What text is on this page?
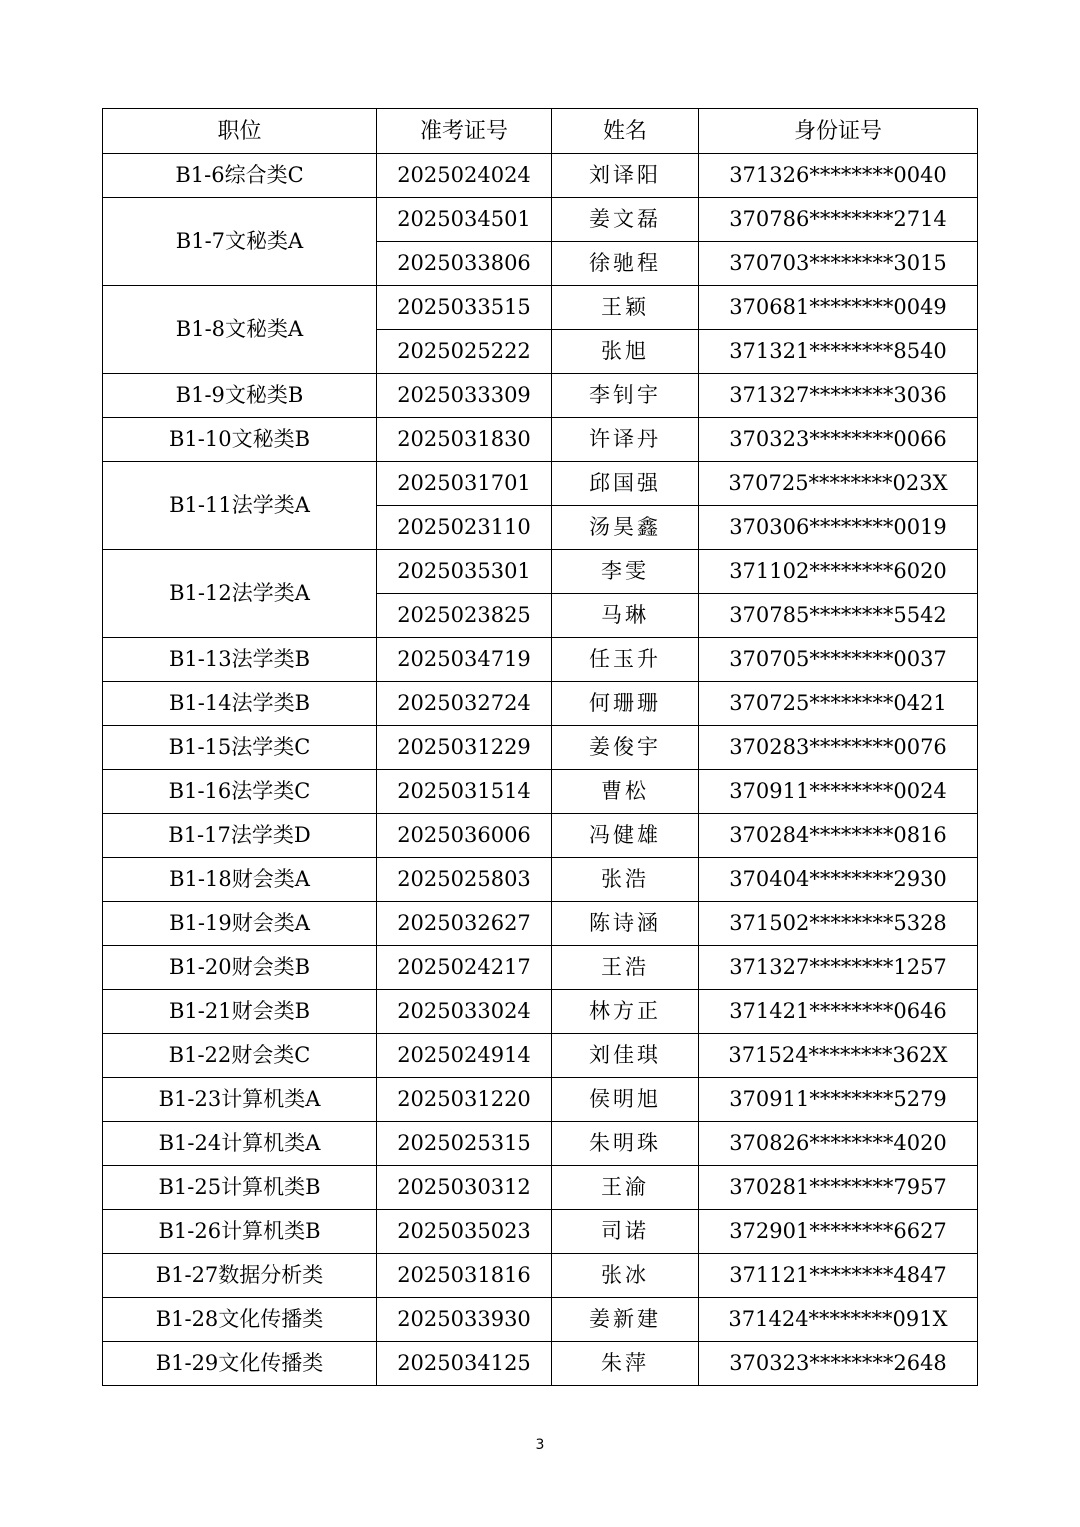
职位	准考证号	姓名	身份证号
B1-6综合类C	2025024024	刘译阳	371326********0040
B1-7文秘类A	2025034501	姜文磊	370786********2714
	2025033806	徐驰程	370703********3015
B1-8文秘类A	2025033515	王颖	370681********0049
	2025025222	张旭	371321********8540
B1-9文秘类B	2025033309	李钊宇	371327********3036
B1-10文秘类B	2025031830	许译丹	370323********0066
B1-11法学类A	2025031701	邱国强	370725********023X
	2025023110	汤昊鑫	370306********0019
B1-12法学类A	2025035301	李雯	371102********6020
	2025023825	马琳	370785********5542
B1-13法学类B	2025034719	任玉升	370705********0037
B1-14法学类B	2025032724	何珊珊	370725********0421
B1-15法学类C	2025031229	姜俊宇	370283********0076
B1-16法学类C	2025031514	曹松	370911********0024
B1-17法学类D	2025036006	冯健雄	370284********0816
B1-18财会类A	2025025803	张浩	370404********2930
B1-19财会类A	2025032627	陈诗涵	371502********5328
B1-20财会类B	2025024217	王浩	371327********1257
B1-21财会类B	2025033024	林方正	371421********0646
B1-22财会类C	2025024914	刘佳琪	371524********362X
B1-23计算机类A	2025031220	侯明旭	370911********5279
B1-24计算机类A	2025025315	朱明珠	370826********4020
B1-25计算机类B	2025030312	王渝	370281********7957
B1-26计算机类B	2025035023	司诺	372901********6627
B1-27数据分析类	2025031816	张冰	371121********4847
B1-28文化传播类	2025033930	姜新建	371424********091X
B1-29文化传播类	2025034125	朱萍	370323********2648
3
